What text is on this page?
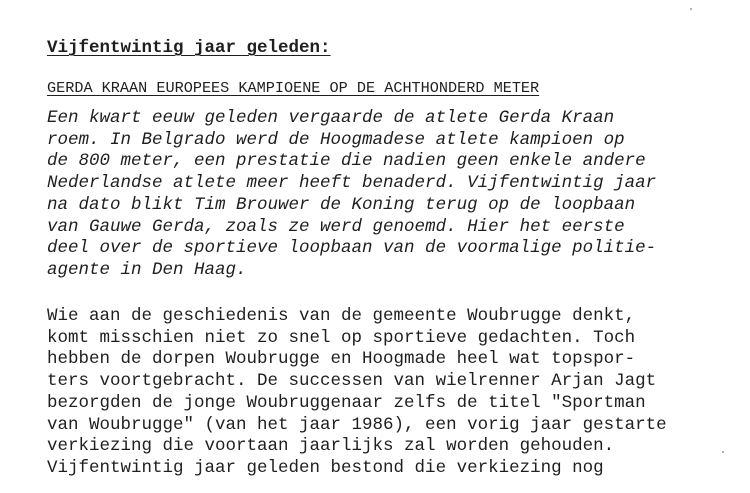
Vijfentwintig jaar geleden:
GERDA KRAAN EUROPEES KAMPIOENE OP DE ACHTHONDERD METER
Een kwart eeuw geleden vergaarde de atlete Gerda Kraan
roem. In Belgrado werd de Hoogmadese atlete kampioen op
de 800 meter, een prestatie die nadien geen enkele andere
Nederlandse atlete meer heeft benaderd. Vijfentwintig jaar
na dato blikt Tim Brouwer de Koning terug op de loopbaan
van Gauwe Gerda, zoals ze werd genoemd. Hier het eerste
deel over de sportieve loopbaan van de voormalige politie-
agente in Den Haag.
Wie aan de geschiedenis van de gemeente Woubrugge denkt,
komt misschien niet zo snel op sportieve gedachten. Toch
hebben de dorpen Woubrugge en Hoogmade heel wat topspor-
ters voortgebracht. De successen van wielrenner Arjan Jagt
bezorgden de jonge Woubruggenaar zelfs de titel "Sportman
van Woubrugge" (van het jaar 1986), een vorig jaar gestarte
verkiezing die voortaan jaarlijks zal worden gehouden.
Vijfentwintig jaar geleden bestond die verkiezing nog
